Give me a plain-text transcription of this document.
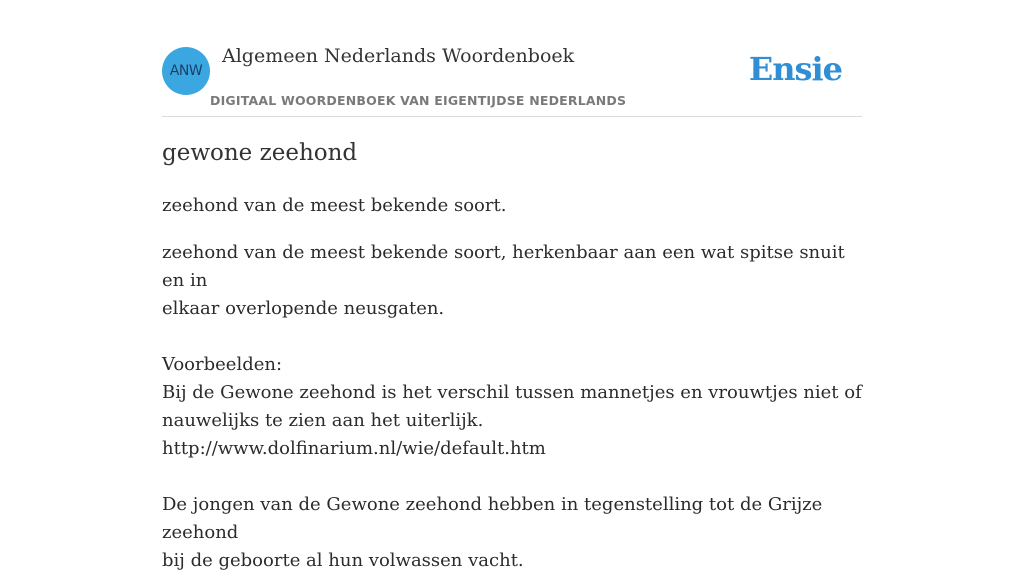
ANW
Algemeen Nederlands Woordenboek
DIGITAAL WOORDENBOEK VAN EIGENTIJDSE NEDERLANDS
Ensie
gewone zeehond
zeehond van de meest bekende soort.

zeehond van de meest bekende soort, herkenbaar aan een wat spitse snuit en in

elkaar overlopende neusgaten.

Voorbeelden:

Bij de Gewone zeehond is het verschil tussen mannetjes en vrouwtjes niet of

nauwelijks te zien aan het uiterlijk.

http://www.dolfinarium.nl/wie/default.htm

De jongen van de Gewone zeehond hebben in tegenstelling tot de Grijze zeehond

bij de geboorte al hun volwassen vacht.
